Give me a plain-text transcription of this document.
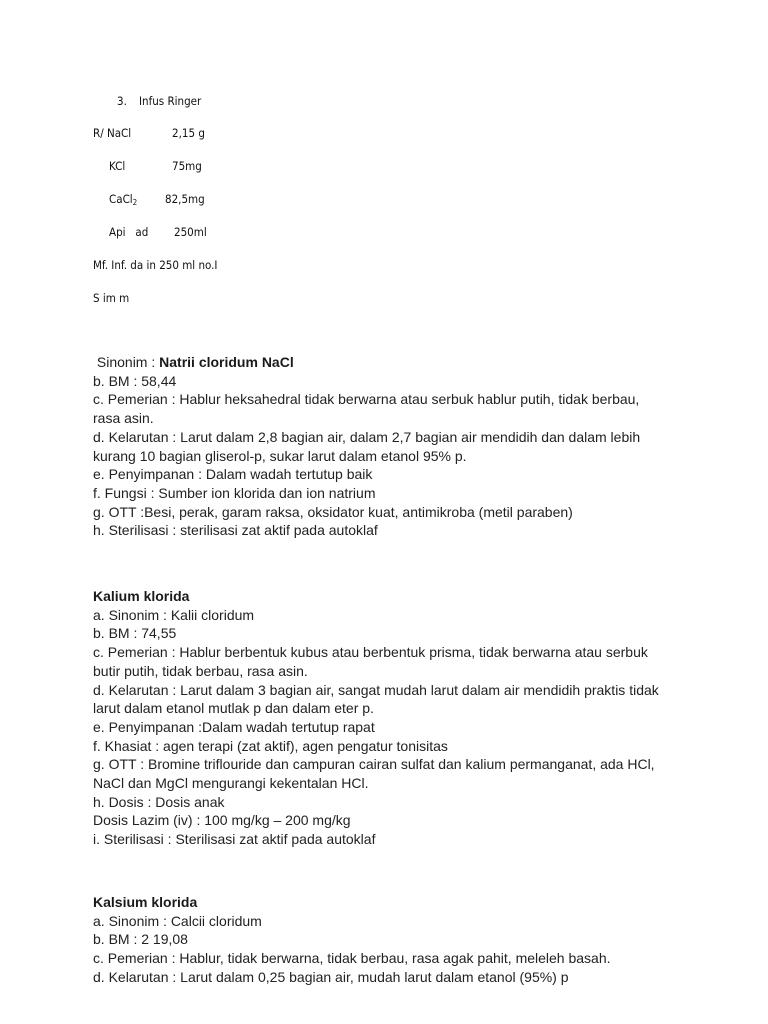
3. Infus Ringer
R/ NaCl	2,15 g
KCl	75mg
CaCl$_2$ 82,5mg
Api   ad 250ml
Mf. Inf. da in 250 ml no.I
S im m
Sinonim : Natrii cloridum NaCl
b. BM : 58,44
c. Pemerian : Hablur heksahedral tidak berwarna atau serbuk hablur putih, tidak berbau,
rasa asin.
d. Kelarutan : Larut dalam 2,8 bagian air, dalam 2,7 bagian air mendidih dan dalam lebih
kurang 10 bagian gliserol-p, sukar larut dalam etanol 95% p.
e. Penyimpanan : Dalam wadah tertutup baik
f. Fungsi : Sumber ion klorida dan ion natrium
g. OTT :Besi, perak, garam raksa, oksidator kuat, antimikroba (metil paraben)
h. Sterilisasi : sterilisasi zat aktif pada autoklaf
Kalium klorida
a. Sinonim : Kalii cloridum
b. BM : 74,55
c. Pemerian : Hablur berbentuk kubus atau berbentuk prisma, tidak berwarna atau serbuk
butir putih, tidak berbau, rasa asin.
d. Kelarutan : Larut dalam 3 bagian air, sangat mudah larut dalam air mendidih praktis tidak
larut dalam etanol mutlak p dan dalam eter p.
e. Penyimpanan :Dalam wadah tertutup rapat
f. Khasiat : agen terapi (zat aktif), agen pengatur tonisitas
g. OTT : Bromine triflouride dan campuran cairan sulfat dan kalium permanganat, ada HCl,
NaCl dan MgCl mengurangi kekentalan HCl.
h. Dosis : Dosis anak
Dosis Lazim (iv) : 100 mg/kg – 200 mg/kg
i. Sterilisasi : Sterilisasi zat aktif pada autoklaf
Kalsium klorida
a. Sinonim : Calcii cloridum
b. BM : 2 19,08
c. Pemerian : Hablur, tidak berwarna, tidak berbau, rasa agak pahit, meleleh basah.
d. Kelarutan : Larut dalam 0,25 bagian air, mudah larut dalam etanol (95%) p
